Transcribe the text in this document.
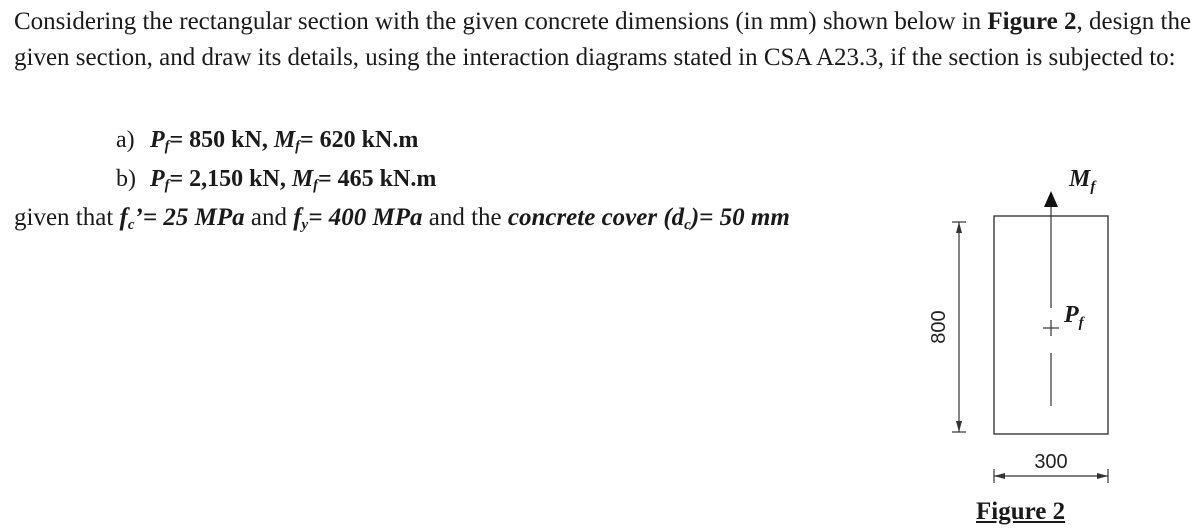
Considering the rectangular section with the given concrete dimensions (in mm) shown below in Figure 2, design the given section, and draw its details, using the interaction diagrams stated in CSA A23.3, if the section is subjected to:

a) $P_f= 850$ kN, $M_f= 620$ kN.m
b) $P_f= 2,150$ kN, $M_f= 465$ kN.m
given that $f_c’= 25$ MPa and $f_y= 400$ MPa and the concrete cover $(d_c)= 50$ mm
800
300
$M_f$
$P_f$
Figure 2
